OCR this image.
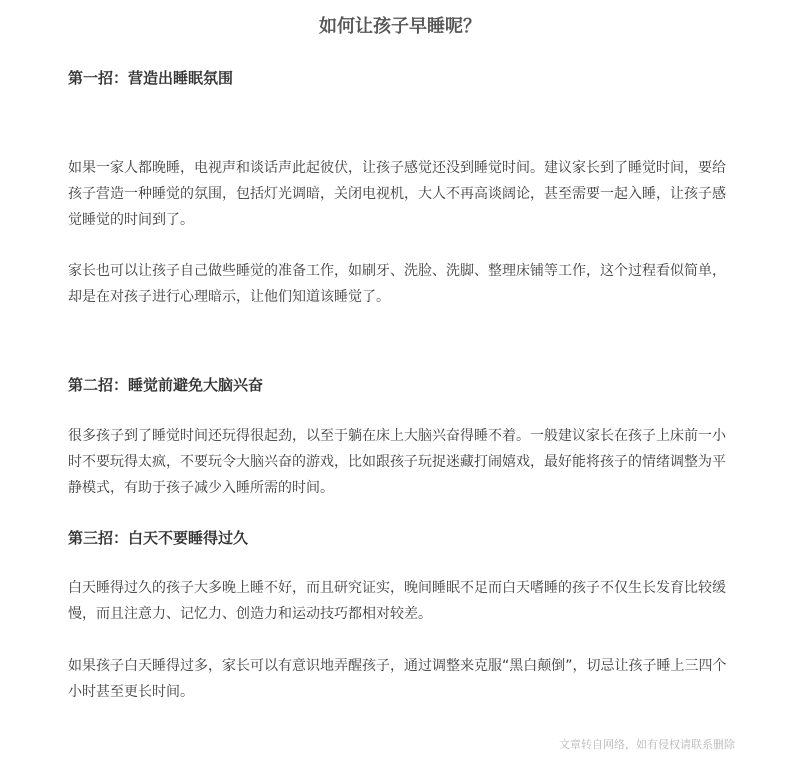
如何让孩子早睡呢？
第一招：营造出睡眠氛围
如果一家人都晚睡，电视声和谈话声此起彼伏，让孩子感觉还没到睡觉时间。建议家长到了睡觉时间，要给孩子营造一种睡觉的氛围，包括灯光调暗，关闭电视机，大人不再高谈阔论，甚至需要一起入睡，让孩子感觉睡觉的时间到了。
家长也可以让孩子自己做些睡觉的准备工作，如刷牙、洗脸、洗脚、整理床铺等工作，这个过程看似简单，却是在对孩子进行心理暗示，让他们知道该睡觉了。
第二招：睡觉前避免大脑兴奋
很多孩子到了睡觉时间还玩得很起劲，以至于躺在床上大脑兴奋得睡不着。一般建议家长在孩子上床前一小时不要玩得太疯，不要玩令大脑兴奋的游戏，比如跟孩子玩捉迷藏打闹嬉戏，最好能将孩子的情绪调整为平静模式，有助于孩子减少入睡所需的时间。
第三招：白天不要睡得过久
白天睡得过久的孩子大多晚上睡不好，而且研究证实，晚间睡眠不足而白天嗜睡的孩子不仅生长发育比较缓慢，而且注意力、记忆力、创造力和运动技巧都相对较差。
如果孩子白天睡得过多，家长可以有意识地弄醒孩子，通过调整来克服“黑白颠倒”，切忌让孩子睡上三四个小时甚至更长时间。
文章转自网络，如有侵权请联系删除
